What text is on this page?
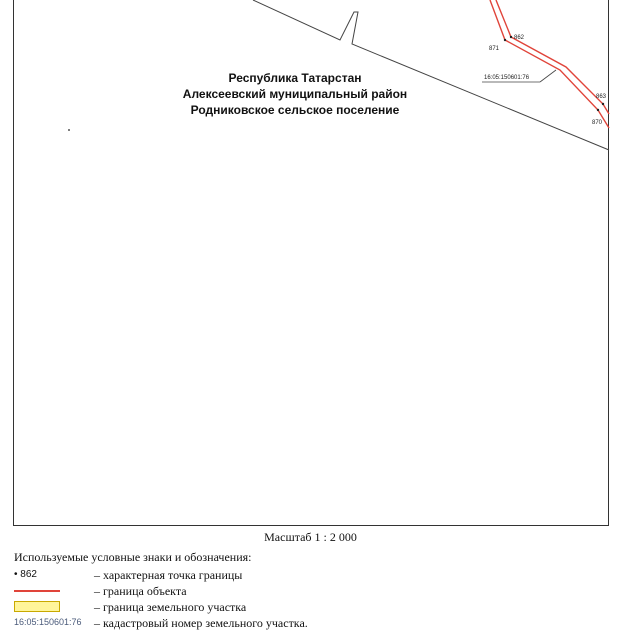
16:05:150601:76
862
871
863
870
Республика Татарстан
Алексеевский муниципальный район
Родниковское сельское поселение
Масштаб 1 : 2 000
Используемые условные знаки и обозначения:
• 862	– характерная точка границы
– граница объекта
– граница земельного участка
16:05:150601:76 – кадастровый номер земельного участка.
